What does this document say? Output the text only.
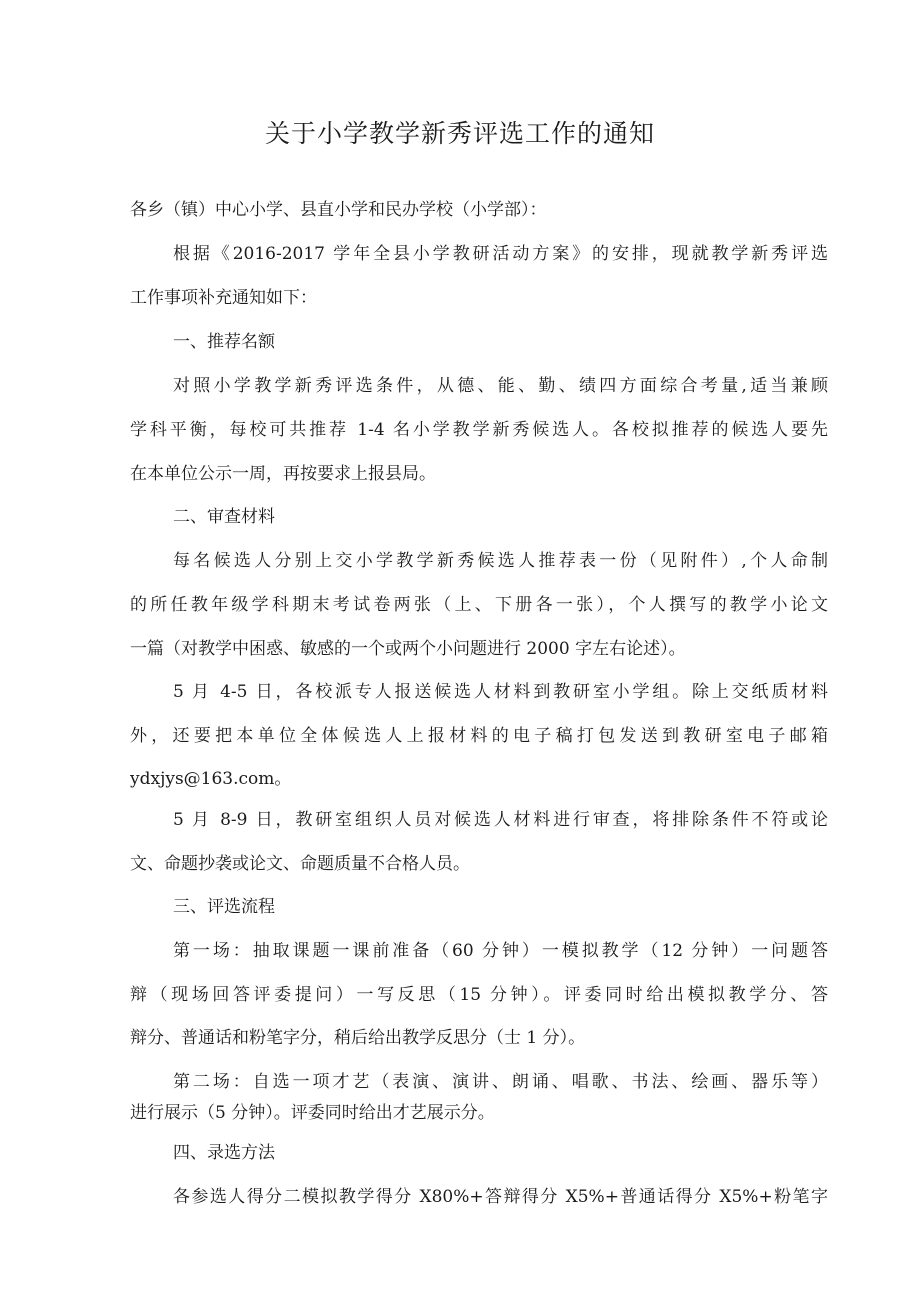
关于小学教学新秀评选工作的通知
各乡（镇）中心小学、县直小学和民办学校（小学部）：
根据《2016-2017 学年全县小学教研活动方案》的安排，现就教学新秀评选
工作事项补充通知如下：
一、推荐名额
对照小学教学新秀评选条件，从德、能、勤、绩四方面综合考量,适当兼顾
学科平衡，每校可共推荐 1-4 名小学教学新秀候选人。各校拟推荐的候选人要先
在本单位公示一周，再按要求上报县局。
二、审查材料
每名候选人分别上交小学教学新秀候选人推荐表一份（见附件）,个人命制
的所任教年级学科期末考试卷两张（上、下册各一张），个人撰写的教学小论文
一篇（对教学中困惑、敏感的一个或两个小问题进行 2000 字左右论述）。
5 月 4-5 日，各校派专人报送候选人材料到教研室小学组。除上交纸质材料
外，还要把本单位全体候选人上报材料的电子稿打包发送到教研室电子邮箱
ydxjys@163.com。
5 月 8-9 日，教研室组织人员对候选人材料进行审查，将排除条件不符或论
文、命题抄袭或论文、命题质量不合格人员。
三、评选流程
第一场：抽取课题一课前准备（60 分钟）一模拟教学（12 分钟）一问题答
辩（现场回答评委提问）一写反思（15 分钟）。评委同时给出模拟教学分、答
辩分、普通话和粉笔字分，稍后给出教学反思分（士 1 分）。
第二场：自选一项才艺（表演、演讲、朗诵、唱歌、书法、绘画、器乐等）
进行展示（5 分钟）。评委同时给出才艺展示分。
四、录选方法
各参选人得分二模拟教学得分 X80%+答辩得分 X5%+普通话得分 X5%+粉笔字
